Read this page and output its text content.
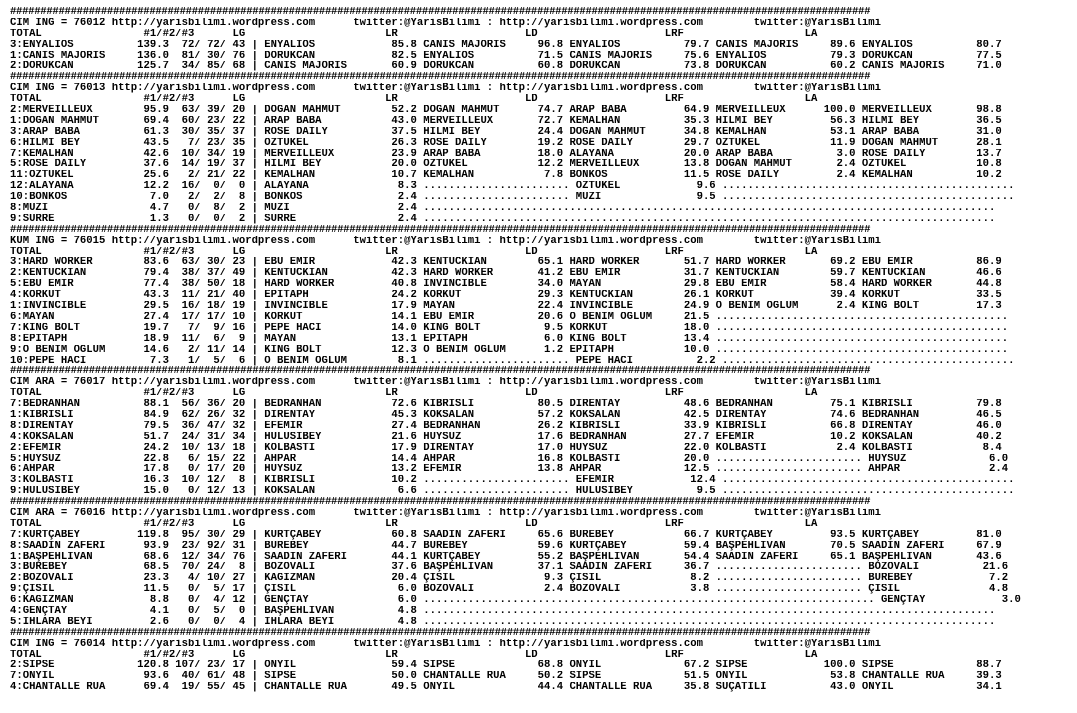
##############################################################################################################################################
CIM ING = 76012 http://yarisbilimi.wordpress.com      twitter:@YarisBilimi : http://yarisbilimi.wordpress.com        twitter:@YarisBilimi
TOTAL                #1/#2/#3      LG                      LR                    LD                    LRF                   LA
3:ENYALIOS          139.3  72/ 72/ 43 | ENYALIOS            85.8 CANIS MAJORIS     96.8 ENYALIOS          79.7 CANIS MAJORIS     89.6 ENYALIOS          80.7
1:CANIS MAJORIS     136.0  81/ 30/ 76 | DORUKCAN            82.5 ENYALIOS          71.5 CANIS MAJORIS     75.6 ENYALIOS          79.3 DORUKCAN          77.5
2:DORUKCAN          125.7  34/ 85/ 68 | CANIS MAJORIS       60.9 DORUKCAN          60.8 DORUKCAN          73.8 DORUKCAN          60.2 CANIS MAJORIS     71.0
##############################################################################################################################################
CIM ING = 76013 http://yarisbilimi.wordpress.com      twitter:@YarisBilimi : http://yarisbilimi.wordpress.com        twitter:@YarisBilimi
TOTAL                #1/#2/#3      LG                      LR                    LD                    LRF                   LA
2:MERVEILLEUX        95.9  63/ 39/ 20 | DOĞAN MAHMUT        52.2 DOĞAN MAHMUT      74.7 ARAP BABA         64.9 MERVEILLEUX      100.0 MERVEILLEUX       98.8
1:DOĞAN MAHMUT       69.4  60/ 23/ 22 | ARAP BABA           43.0 MERVEILLEUX       72.7 KEMALHAN          35.3 HİLMİ BEY         56.3 HİLMİ BEY         36.5
3:ARAP BABA          61.3  30/ 35/ 37 | ROSE DAILY          37.5 HİLMİ BEY         24.4 DOĞAN MAHMUT      34.8 KEMALHAN          53.1 ARAP BABA         31.0
6:HİLMİ BEY          43.5   7/ 23/ 35 | ÖZTÜKEL             26.3 ROSE DAILY        19.2 ROSE DAILY        29.7 ÖZTÜKEL           11.9 DOĞAN MAHMUT      28.1
7:KEMALHAN           42.6  10/ 34/ 19 | MERVEILLEUX         23.9 ARAP BABA         18.0 ALAYANA           20.0 ARAP BABA          3.0 ROSE DAILY        13.7
5:ROSE DAILY         37.6  14/ 19/ 37 | HİLMİ BEY           20.0 ÖZTÜKEL           12.2 MERVEILLEUX       13.8 DOĞAN MAHMUT       2.4 ÖZTÜKEL           10.8
11:ÖZTÜKEL           25.6   2/ 21/ 22 | KEMALHAN            10.7 KEMALHAN           7.8 BONKOS            11.5 ROSE DAILY         2.4 KEMALHAN          10.2
12:ALAYANA           12.2  16/  0/  0 | ALAYANA              8.3 ....................... ÖZTÜKEL            9.6 ..............................................
10:BONKOS             7.0   2/  2/  8 | BONKOS               2.4 ....................... MUZİ               9.5 ..............................................
8:MUZİ                4.7   0/  8/  2 | MUZİ                 2.4 ..........................................................................................
9:SÜRRE               1.3   0/  0/  2 | SÜRRE                2.4 ..........................................................................................
##############################################################################################################################################
KUM ING = 76015 http://yarisbilimi.wordpress.com      twitter:@YarisBilimi : http://yarisbilimi.wordpress.com        twitter:@YarisBilimi
TOTAL                #1/#2/#3      LG                      LR                    LD                    LRF                   LA
3:HARD WORKER        83.6  63/ 30/ 23 | EBU EMİR            42.3 KENTUCKIAN        65.1 HARD WORKER       51.7 HARD WORKER       69.2 EBU EMİR          86.9
2:KENTUCKIAN         79.4  38/ 37/ 49 | KENTUCKIAN          42.3 HARD WORKER       41.2 EBU EMİR          31.7 KENTUCKIAN        59.7 KENTUCKIAN        46.6
5:EBU EMİR           77.4  38/ 50/ 18 | HARD WORKER         40.8 INVINCIBLE        34.0 MAYAN             29.8 EBU EMİR          58.4 HARD WORKER       44.8
4:KORKUT             43.3  11/ 21/ 40 | EPITAPH             24.2 KORKUT            29.3 KENTUCKIAN        26.1 KORKUT            39.4 KORKUT            33.5
1:INVINCIBLE         29.5  16/ 18/ 19 | INVINCIBLE          17.9 MAYAN             22.4 INVINCIBLE        24.9 O BENİM OĞLUM      2.4 KING BOLT         17.3
6:MAYAN              27.4  17/ 17/ 10 | KORKUT              14.1 EBU EMİR          20.6 O BENİM OĞLUM     21.5 ..............................................
7:KING BOLT          19.7   7/  9/ 16 | PEPE HACI           14.0 KING BOLT          9.5 KORKUT            18.0 ..............................................
8:EPITAPH            18.9  11/  6/  9 | MAYAN               13.1 EPITAPH            6.0 KING BOLT         13.4 ..............................................
9:O BENİM OĞLUM      14.6   2/ 11/ 14 | KING BOLT           12.3 O BENİM OĞLUM      1.2 EPITAPH           10.0 ..............................................
10:PEPE HACI          7.3   1/  5/  6 | O BENİM OĞLUM        8.1 ....................... PEPE HACI          2.2 ..............................................
##############################################################################################################################################
CIM ARA = 76017 http://yarisbilimi.wordpress.com      twitter:@YarisBilimi : http://yarisbilimi.wordpress.com        twitter:@YarisBilimi
TOTAL                #1/#2/#3      LG                      LR                    LD                    LRF                   LA
7:BEDRANHAN          88.1  56/ 36/ 20 | BEDRANHAN           72.6 KIBRISLI          80.5 DİRENTAY          48.6 BEDRANHAN         75.1 KIBRISLI          79.8
1:KIBRISLI           84.9  62/ 26/ 32 | DİRENTAY            45.3 KÖKSALAN          57.2 KÖKSALAN          42.5 DİRENTAY          74.6 BEDRANHAN         46.5
8:DİRENTAY           79.5  36/ 47/ 32 | EFEMİR              27.4 BEDRANHAN         26.2 KIBRISLI          33.9 KIBRISLI          66.8 DİRENTAY          46.0
4:KÖKSALAN           51.7  24/ 31/ 34 | HULUSİBEY           21.6 HUYSUZ            17.6 BEDRANHAN         27.7 EFEMİR            10.2 KÖKSALAN          40.2
2:EFEMİR             24.2  10/ 13/ 18 | KOLBASTI            17.9 DİRENTAY          17.0 HUYSUZ            22.0 KOLBASTI           2.4 KOLBASTI           8.4
5:HUYSUZ             22.8   6/ 15/ 22 | AHPAR               14.4 AHPAR             16.8 KOLBASTI          20.0 ....................... HUYSUZ             6.0
6:AHPAR              17.8   0/ 17/ 20 | HUYSUZ              13.2 EFEMİR            13.8 AHPAR             12.5 ....................... AHPAR              2.4
3:KOLBASTI           16.3  10/ 12/  8 | KIBRISLI            10.2 ....................... EFEMİR            12.4 ..............................................
9:HULUSİBEY          15.0   0/ 12/ 13 | KÖKSALAN             6.6 ....................... HULUSİBEY          9.5 ..............................................
##############################################################################################################################################
CIM ARA = 76016 http://yarisbilimi.wordpress.com      twitter:@YarisBilimi : http://yarisbilimi.wordpress.com        twitter:@YarisBilimi
TOTAL                #1/#2/#3      LG                      LR                    LD                    LRF                   LA
7:KURTÇABEY         119.8  95/ 30/ 29 | KURTÇABEY           60.8 SAADİN ZAFERİ     65.6 BÜREBEY           66.7 KURTÇABEY         93.5 KURTÇABEY         81.0
8:SAADİN ZAFERİ      93.9  23/ 92/ 31 | BÜREBEY             44.7 BÜREBEY           59.6 KURTÇABEY         59.4 BAŞPEHLİVAN       70.5 SAADİN ZAFERİ     67.9
1:BAŞPEHLİVAN        68.6  12/ 34/ 76 | SAADİN ZAFERİ       44.1 KURTÇABEY         55.2 BAŞPEHLİVAN       54.4 SAADİN ZAFERİ     65.1 BAŞPEHLİVAN       43.6
3:BÜREBEY            68.5  70/ 24/  8 | BOZOVALI            37.6 BAŞPEHLİVAN       37.1 SAADİN ZAFERİ     36.7 ....................... BOZOVALI          21.6
2:BOZOVALI           23.3   4/ 10/ 27 | KAĞIZMAN            20.4 ÇİSİL              9.3 ÇİSİL              8.2 ....................... BÜREBEY            7.2
9:ÇİSİL              11.5   0/  5/ 17 | ÇİSİL                6.0 BOZOVALI           2.4 BOZOVALI           3.8 ....................... ÇİSİL              4.8
6:KAĞIZMAN            8.8   0/  4/ 12 | GENÇTAY              6.0 ....................................................................... GENÇTAY            3.0
4:GENÇTAY             4.1   0/  5/  0 | BAŞPEHLİVAN          4.8 ..........................................................................................
5:IHLARA BEYİ         2.6   0/  0/  4 | IHLARA BEYİ          4.8 ..........................................................................................
##############################################################################################################################################
CIM ING = 76014 http://yarisbilimi.wordpress.com      twitter:@YarisBilimi : http://yarisbilimi.wordpress.com        twitter:@YarisBilimi
TOTAL                #1/#2/#3      LG                      LR                    LD                    LRF                   LA
2:SİPSE             120.8 107/ 23/ 17 | ONYIL               59.4 SİPSE             68.8 ONYIL             67.2 SİPSE            100.0 SİPSE             88.7
7:ONYIL              93.6  40/ 61/ 48 | SİPSE               50.0 CHANTALLE RUA     50.2 SİPSE             51.5 ONYIL             53.8 CHANTALLE RUA     39.3
4:CHANTALLE RUA      69.4  19/ 55/ 45 | CHANTALLE RUA       49.5 ONYIL             44.4 CHANTALLE RUA     35.8 SUÇATILI          43.0 ONYIL             34.1
